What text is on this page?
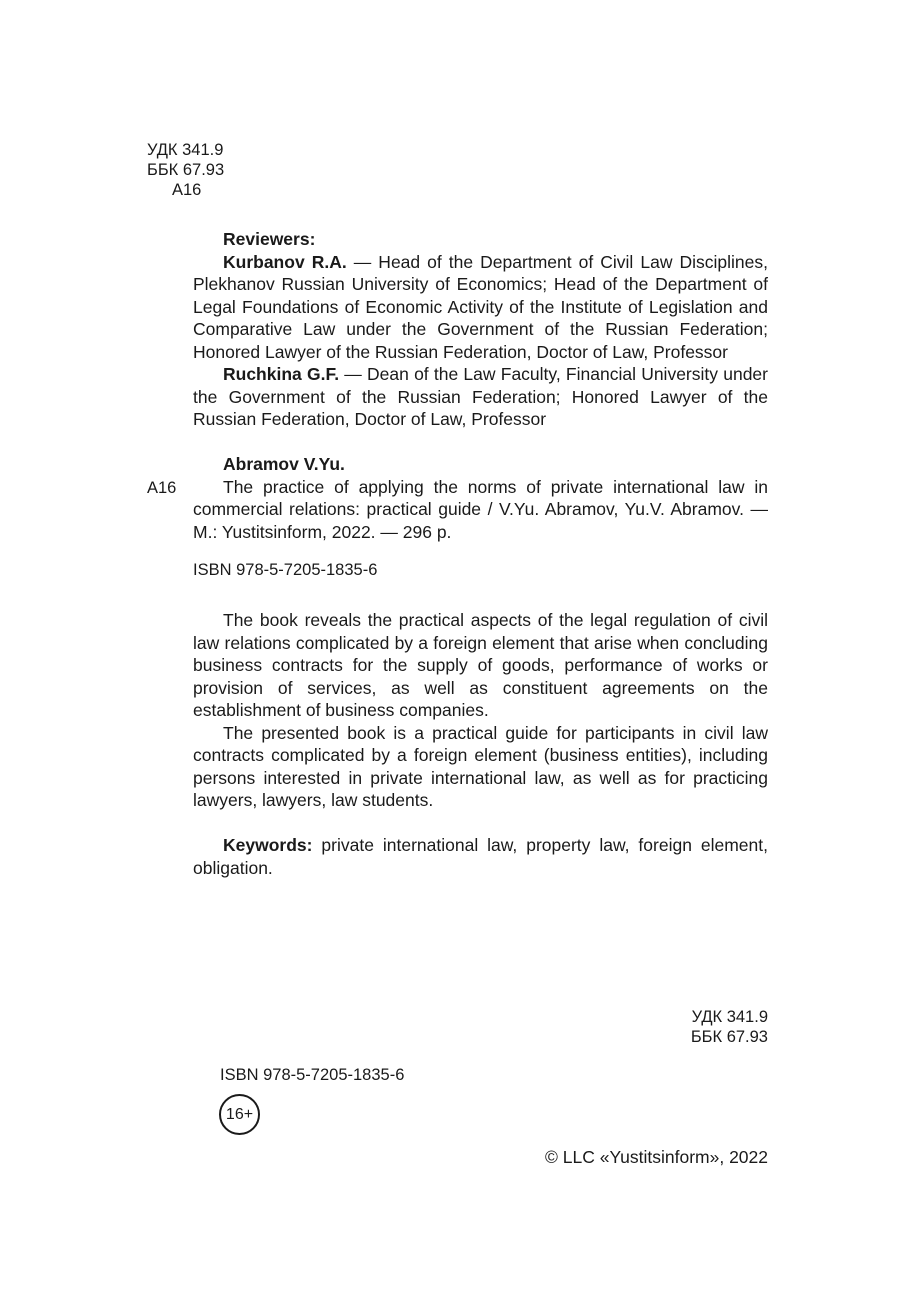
УДК 341.9
ББК 67.93
А16

Reviewers:

Kurbanov R.A. — Head of the Department of Civil Law Disciplines, Plekhanov Russian University of Economics; Head of the Department of Legal Foundations of Economic Activity of the Institute of Legislation and Comparative Law under the Government of the Russian Federation; Honored Lawyer of the Russian Federation, Doctor of Law, Professor

Ruchkina G.F. — Dean of the Law Faculty, Financial University under the Government of the Russian Federation; Honored Lawyer of the Russian Federation, Doctor of Law, Professor

Abramov V.Yu.

The practice of applying the norms of private international law in commercial relations: practical guide / V.Yu. Abramov, Yu.V. Abramov. — M.: Yustitsinform, 2022. — 296 p.

A16
ISBN 978-5-7205-1835-6

The book reveals the practical aspects of the legal regulation of civil law relations complicated by a foreign element that arise when concluding business contracts for the supply of goods, performance of works or provision of services, as well as constituent agreements on the establishment of business companies.

The presented book is a practical guide for participants in civil law contracts complicated by a foreign element (business entities), including persons interested in private international law, as well as for practicing lawyers, lawyers, law students.

Keywords: private international law, property law, foreign element, obligation.

УДК 341.9
ББК 67.93
ISBN 978-5-7205-1835-6
16+
© LLC «Yustitsinform», 2022
